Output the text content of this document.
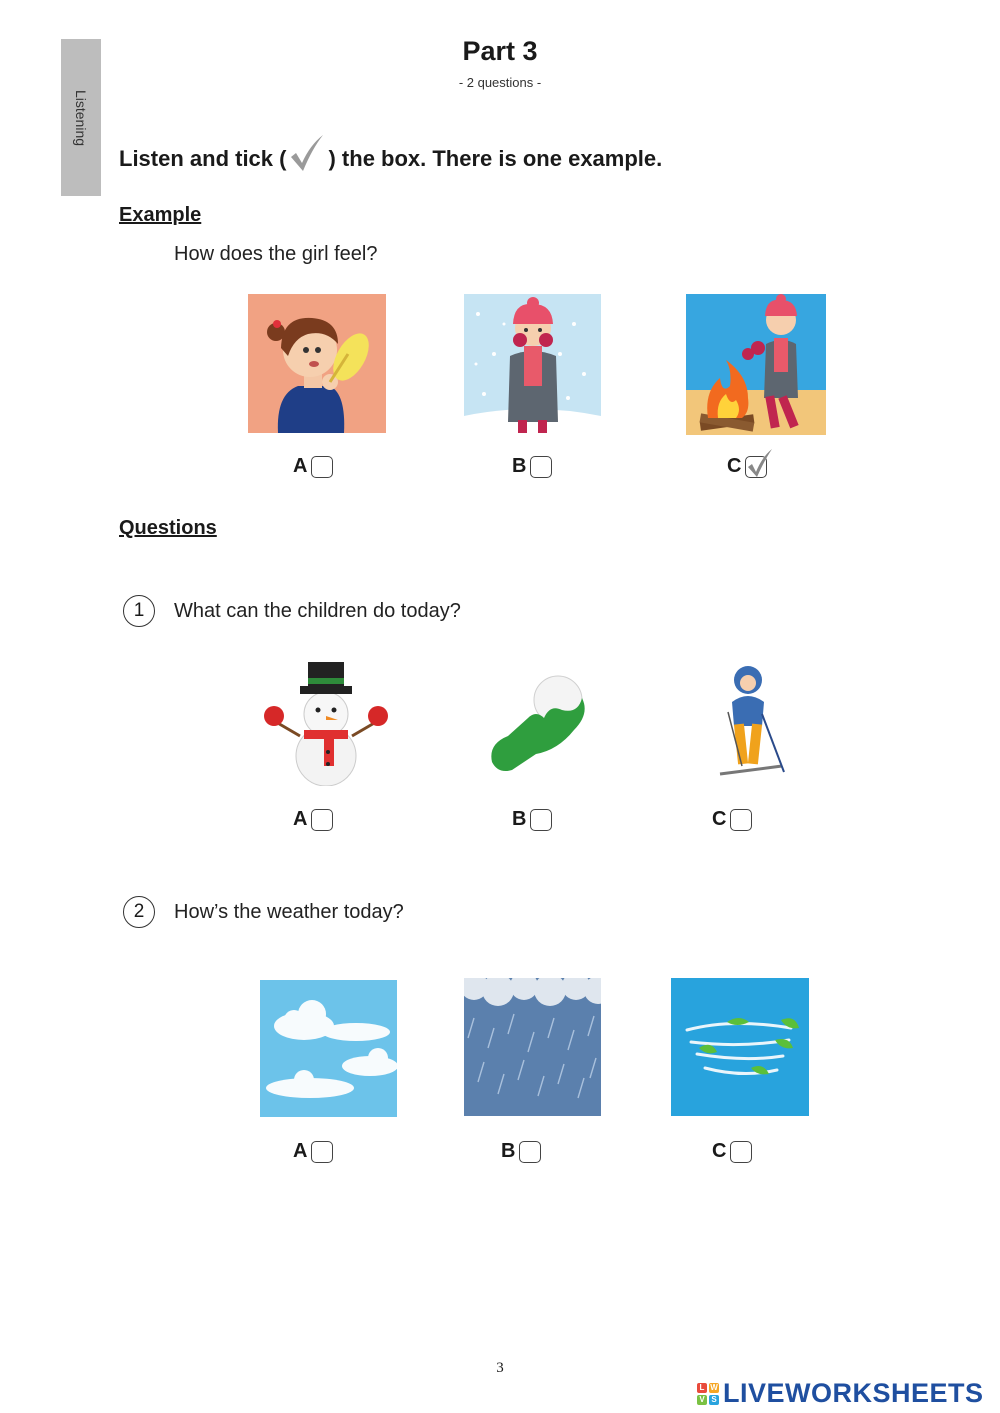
Listening
Part 3
- 2 questions -
Listen and tick ( ) the box. There is one example.
Example
How does the girl feel?
A	B	C
Questions
1	What can the children do today?
A	B	C
2	How’s the weather today?
A	B	C
3
L W
V S LIVEWORKSHEETS
